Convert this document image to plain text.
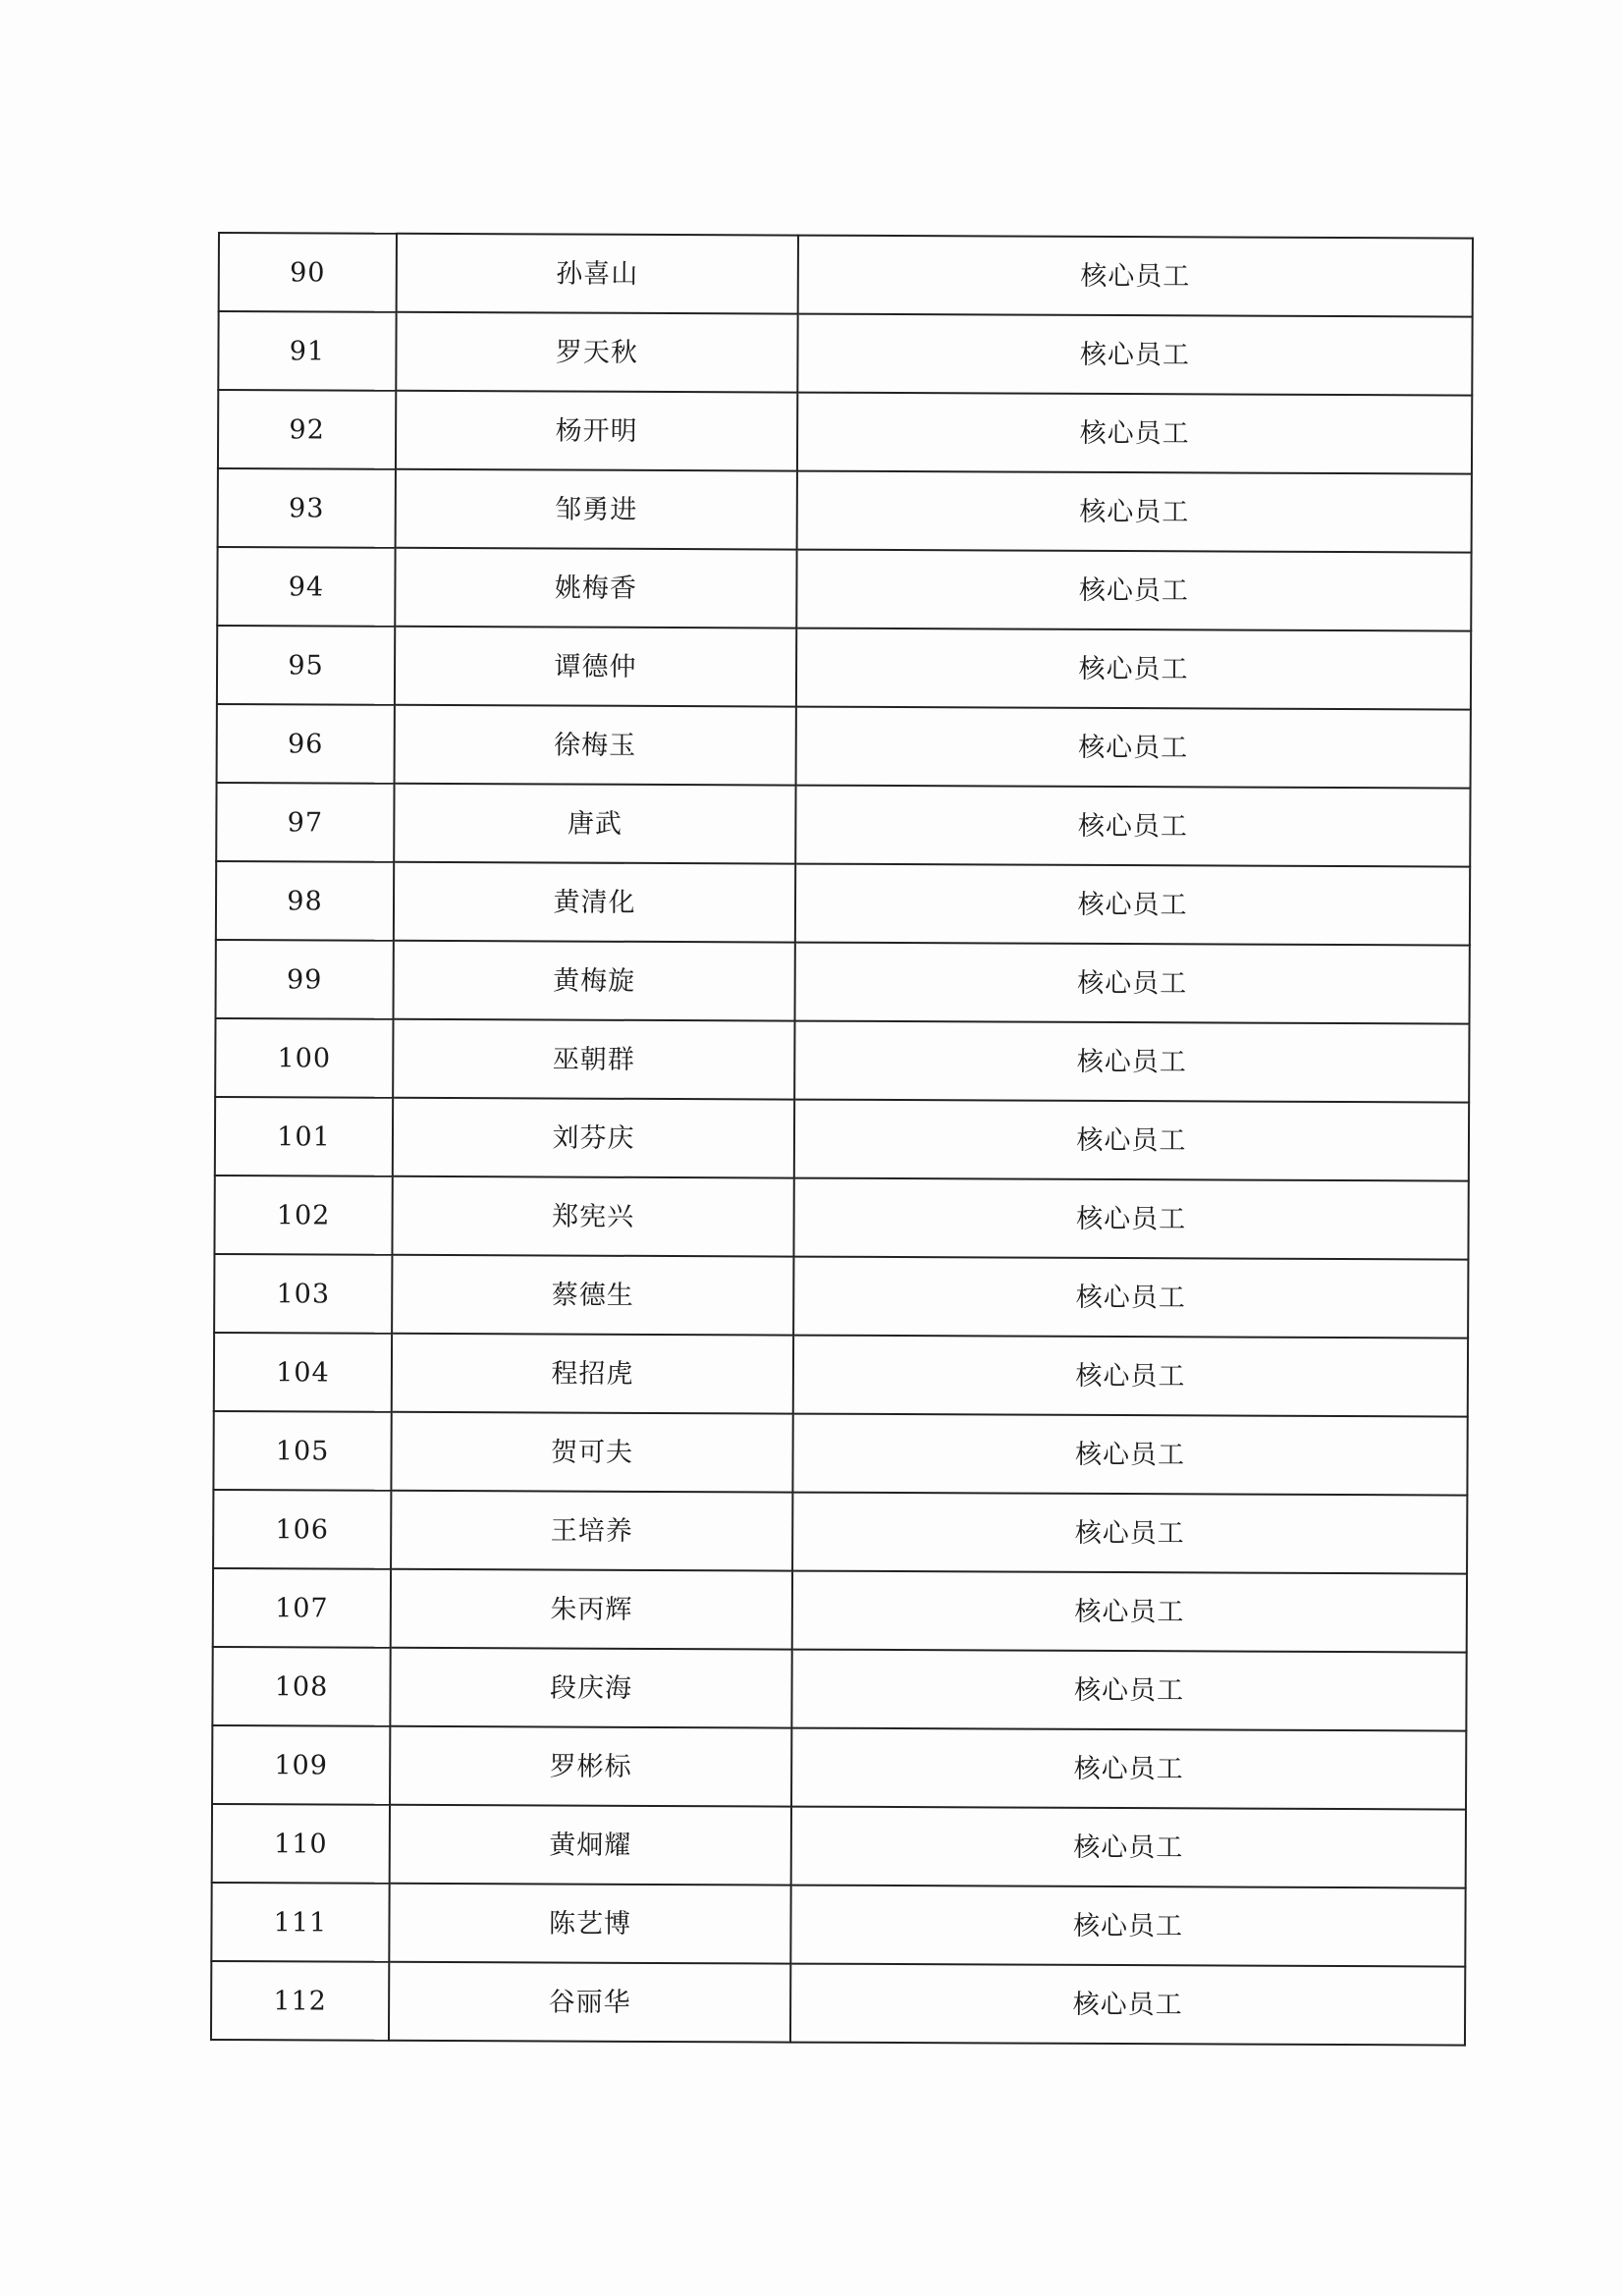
90	孙喜山	核心员工
91	罗天秋	核心员工
92	杨开明	核心员工
93	邹勇进	核心员工
94	姚梅香	核心员工
95	谭德仲	核心员工
96	徐梅玉	核心员工
97	唐武	核心员工
98	黄清化	核心员工
99	黄梅旋	核心员工
100	巫朝群	核心员工
101	刘芬庆	核心员工
102	郑宪兴	核心员工
103	蔡德生	核心员工
104	程招虎	核心员工
105	贺可夫	核心员工
106	王培养	核心员工
107	朱丙辉	核心员工
108	段庆海	核心员工
109	罗彬标	核心员工
110	黄炯耀	核心员工
111	陈艺博	核心员工
112	谷丽华	核心员工
